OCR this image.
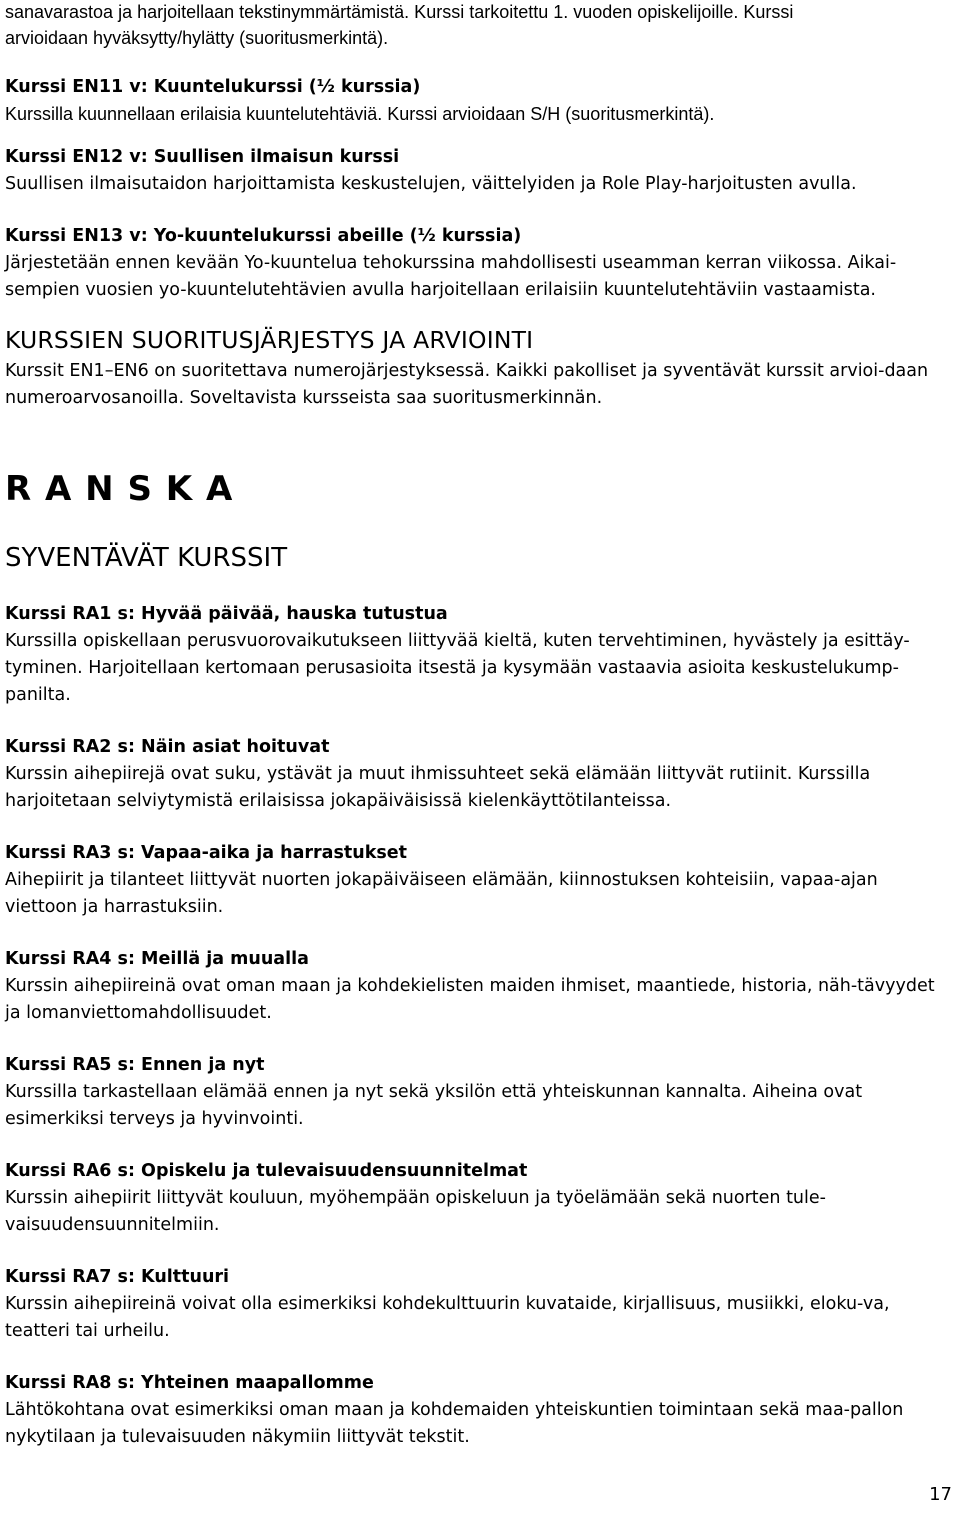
sanavarastoa ja harjoitellaan tekstinymmärtämistä. Kurssi tarkoitettu 1. vuoden opiskelijoille. Kurssi

arvioidaan hyväksytty/hylätty (suoritusmerkintä).

Kurssi EN11 v: Kuuntelukurssi (½ kurssia)

Kurssilla kuunnellaan erilaisia kuuntelutehtäviä. Kurssi arvioidaan S/H (suoritusmerkintä).

Kurssi EN12 v: Suullisen ilmaisun kurssi

Suullisen ilmaisutaidon harjoittamista keskustelujen, väittelyiden ja Role Play-harjoitusten avulla.

Kurssi EN13 v: Yo-kuuntelukurssi abeille (½ kurssia)

Järjestetään ennen kevään Yo-kuuntelua tehokurssina mahdollisesti useamman kerran viikossa. Aikai-sempien vuosien yo-kuuntelutehtävien avulla harjoitellaan erilaisiin kuuntelutehtäviin vastaamista.

KURSSIEN SUORITUSJÄRJESTYS JA ARVIOINTI

Kurssit EN1–EN6 on suoritettava numerojärjestyksessä. Kaikki pakolliset ja syventävät kurssit arvioi-daan numeroarvosanoilla. Soveltavista kursseista saa suoritusmerkinnän.

R A N S K A
SYVENTÄVÄT KURSSIT
Kurssi RA1 s: Hyvää päivää, hauska tutustua

Kurssilla opiskellaan perusvuorovaikutukseen liittyvää kieltä, kuten tervehtiminen, hyvästely ja esittäy-tyminen. Harjoitellaan kertomaan perusasioita itsestä ja kysymään vastaavia asioita keskustelukump-panilta.

Kurssi RA2 s: Näin asiat hoituvat

Kurssin aihepiirejä ovat suku, ystävät ja muut ihmissuhteet sekä elämään liittyvät rutiinit. Kurssilla harjoitetaan selviytymistä erilaisissa jokapäiväisissä kielenkäyttötilanteissa.

Kurssi RA3 s: Vapaa-aika ja harrastukset

Aihepiirit ja tilanteet liittyvät nuorten jokapäiväiseen elämään, kiinnostuksen kohteisiin, vapaa-ajan viettoon ja harrastuksiin.

Kurssi RA4 s: Meillä ja muualla

Kurssin aihepiireinä ovat oman maan ja kohdekielisten maiden ihmiset, maantiede, historia, näh-tävyydet ja lomanviettomahdollisuudet.

Kurssi RA5 s: Ennen ja nyt

Kurssilla tarkastellaan elämää ennen ja nyt sekä yksilön että yhteiskunnan kannalta. Aiheina ovat esimerkiksi terveys ja hyvinvointi.

Kurssi RA6 s: Opiskelu ja tulevaisuudensuunnitelmat

Kurssin aihepiirit liittyvät kouluun, myöhempään opiskeluun ja työelämään sekä nuorten tule-vaisuudensuunnitelmiin.

Kurssi RA7 s: Kulttuuri

Kurssin aihepiireinä voivat olla esimerkiksi kohdekulttuurin kuvataide, kirjallisuus, musiikki, eloku-va, teatteri tai urheilu.

Kurssi RA8 s: Yhteinen maapallomme

Lähtökohtana ovat esimerkiksi oman maan ja kohdemaiden yhteiskuntien toimintaan sekä maa-pallon nykytilaan ja tulevaisuuden näkymiin liittyvät tekstit.

17
